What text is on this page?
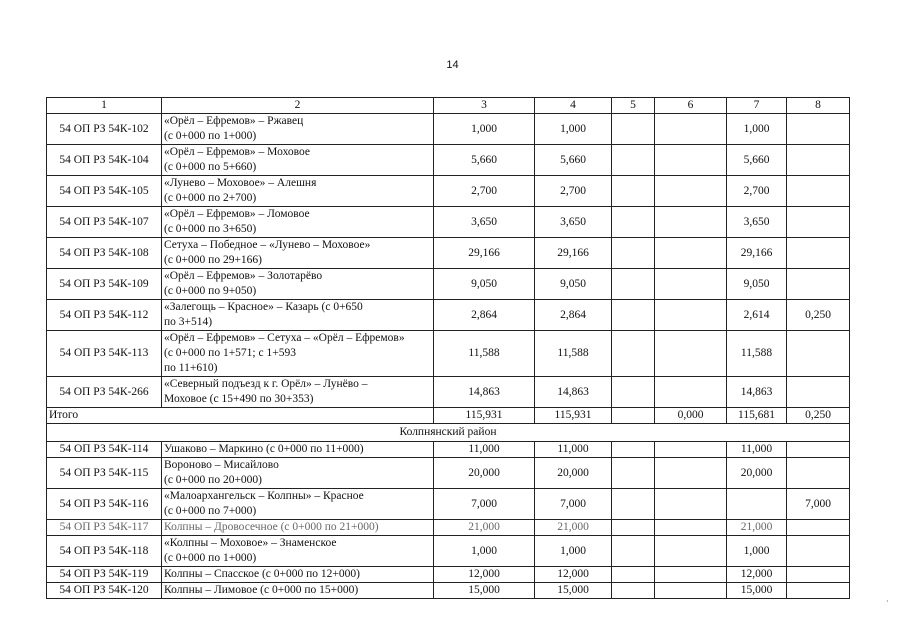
14
1	2	3	4	5	6	7	8
54 ОП РЗ 54К-102	«Орёл – Ефремов» – Ржавец
(с 0+000 по 1+000)	1,000	1,000			1,000	
54 ОП РЗ 54К-104	«Орёл – Ефремов» – Моховое
(с 0+000 по 5+660)	5,660	5,660			5,660	
54 ОП РЗ 54К-105	«Лунево – Моховое» – Алешня
(с 0+000 по 2+700)	2,700	2,700			2,700	
54 ОП РЗ 54К-107	«Орёл – Ефремов» – Ломовое
(с 0+000 по 3+650)	3,650	3,650			3,650	
54 ОП РЗ 54К-108	Сетуха – Победное – «Лунево – Моховое»
(с 0+000 по 29+166)	29,166	29,166			29,166	
54 ОП РЗ 54К-109	«Орёл – Ефремов» – Золотарёво
(с 0+000 по 9+050)	9,050	9,050			9,050	
54 ОП РЗ 54К-112	«Залегощь – Красное» – Казарь (с 0+650
по 3+514)	2,864	2,864			2,614	0,250
54 ОП РЗ 54К-113	«Орёл – Ефремов» – Сетуха – «Орёл – Ефремов»
(с 0+000 по 1+571; с 1+593
по 11+610)	11,588	11,588			11,588	
54 ОП РЗ 54К-266	«Северный подъезд к г. Орёл» – Лунёво –
Моховое (с 15+490 по 30+353)	14,863	14,863			14,863	
Итого		115,931	115,931		0,000	115,681	0,250
Колпнянский район							
54 ОП РЗ 54К-114	Ушаково – Маркино (с 0+000 по 11+000)	11,000	11,000			11,000	
54 ОП РЗ 54К-115	Вороново – Мисайлово
(с 0+000 по 20+000)	20,000	20,000			20,000	
54 ОП РЗ 54К-116	«Малоархангельск – Колпны» – Красное
(с 0+000 по 7+000)	7,000	7,000				7,000
54 ОП РЗ 54К-117	Колпны – Дровосечное (с 0+000 по 21+000)	21,000	21,000			21,000	
54 ОП РЗ 54К-118	«Колпны – Моховое» – Знаменское
(с 0+000 по 1+000)	1,000	1,000			1,000	
54 ОП РЗ 54К-119	Колпны – Спасское (с 0+000 по 12+000)	12,000	12,000			12,000	
54 ОП РЗ 54К-120	Колпны – Лимовое (с 0+000 по 15+000)	15,000	15,000			15,000	
·
